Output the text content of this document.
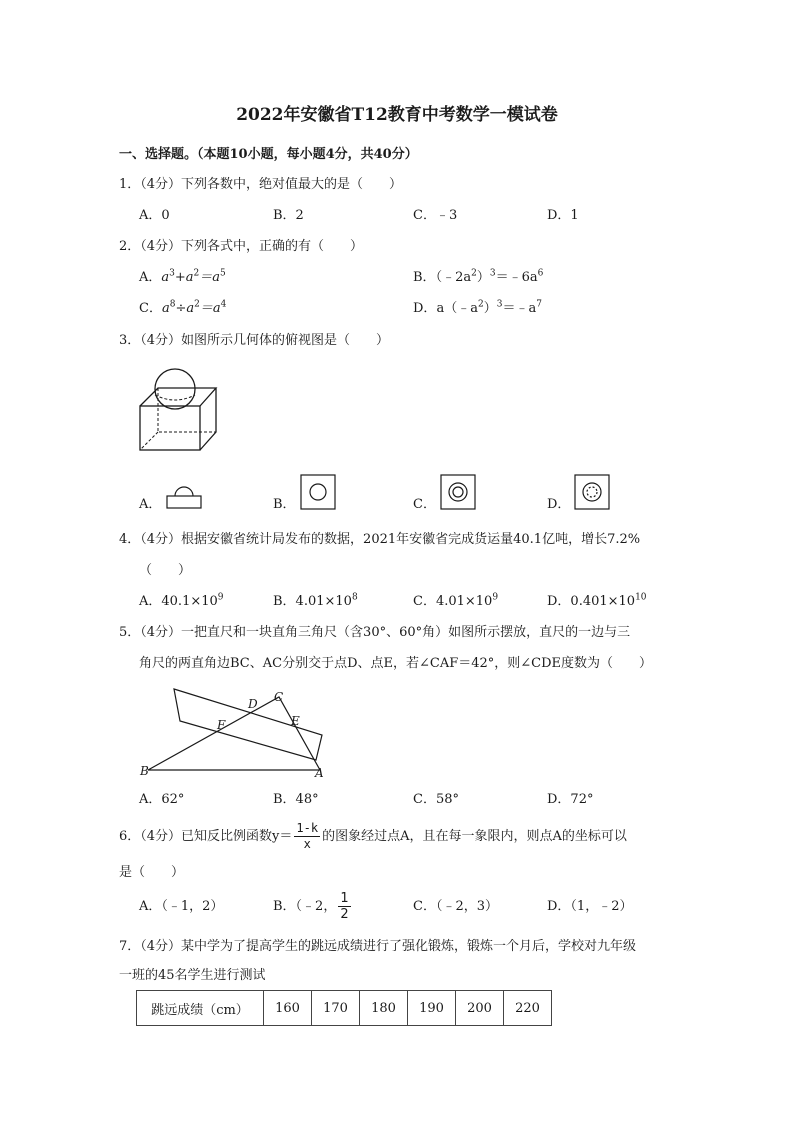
2022年安徽省T12教育中考数学一模试卷
一、选择题。（本题10小题，每小题4分，共40分）
1．（4分）下列各数中，绝对值最大的是（　　）
A．0	B．2	C．﹣3	D．1
2．（4分）下列各式中，正确的有（　　）
A．$a^3+a^2=a^5$	B．$(﹣2a^2)^3=﹣6a^6$
C．$a^8\div a^2=a^4$	D．$a(﹣a^2)^3=﹣a^7$
3．（4分）如图所示几何体的俯视图是（　　）
A．	B．	C．	D．
4．（4分）根据安徽省统计局发布的数据，2021年安徽省完成货运量40.1亿吨，增长7.2%
（　　）
A．$40.1\times 10^9$	B．$4.01\times 10^8$	C．$4.01\times 10^9$	D．$0.401\times 10^{10}$
5．（4分）一把直尺和一块直角三角尺（含30°、60°角）如图所示摆放，直尺的一边与三
角尺的两直角边BC、AC分别交于点D、点E，若∠CAF＝42°，则∠CDE度数为（　　）
B	A
C
D
E
F
A．62°	B．48°	C．58°	D．72°
6．（4分）已知反比例函数$y= \frac{1-k}{x}$ 的图象经过点A，且在每一象限内，则点A的坐标可以
是（　　）
A．（﹣1，2）	B．（﹣2， $\frac{1}{2}$	C．（﹣2，3）	D．（1，﹣2）
7．（4分）某中学为了提高学生的跳远成绩进行了强化锻炼，锻炼一个月后，学校对九年级
一班的45名学生进行测试
跳远成绩（cm）	160	170	180	190	200	220
